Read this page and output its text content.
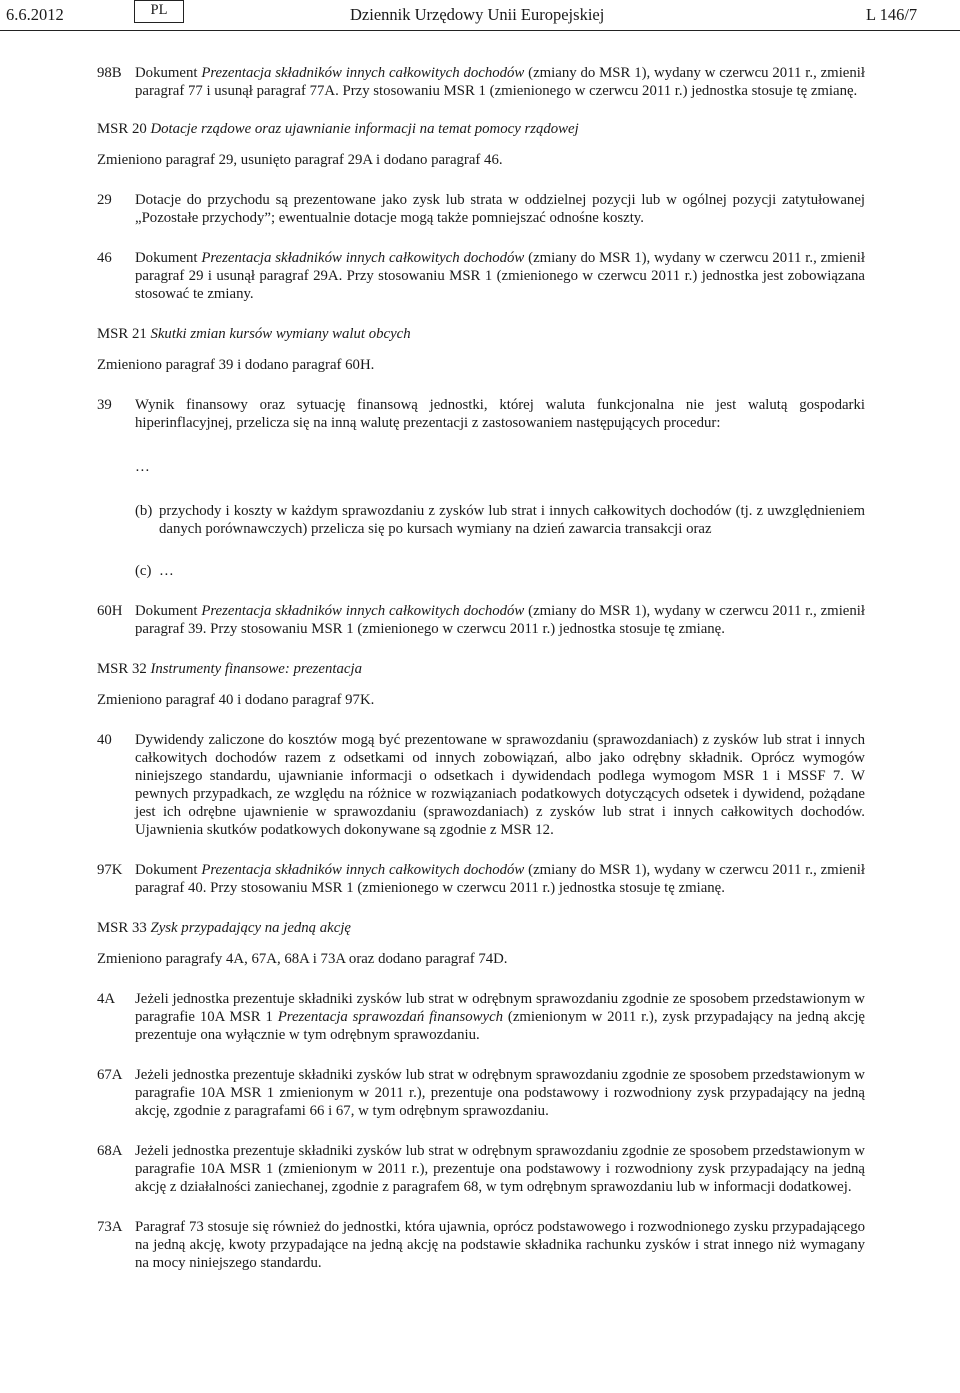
6.6.2012	PL	Dziennik Urzędowy Unii Europejskiej	L 146/7
98B Dokument Prezentacja składników innych całkowitych dochodów (zmiany do MSR 1), wydany w czerwcu 2011 r., zmienił paragraf 77 i usunął paragraf 77A. Przy stosowaniu MSR 1 (zmienionego w czerwcu 2011 r.) jednostka stosuje tę zmianę.
MSR 20 Dotacje rządowe oraz ujawnianie informacji na temat pomocy rządowej
Zmieniono paragraf 29, usunięto paragraf 29A i dodano paragraf 46.
29	Dotacje do przychodu są prezentowane jako zysk lub strata w oddzielnej pozycji lub w ogólnej pozycji zatytułowanej „Pozostałe przychody”; ewentualnie dotacje mogą także pomniejszać odnośne koszty.
46	Dokument Prezentacja składników innych całkowitych dochodów (zmiany do MSR 1), wydany w czerwcu 2011 r., zmienił paragraf 29 i usunął paragraf 29A. Przy stosowaniu MSR 1 (zmienionego w czerwcu 2011 r.) jednostka jest zobowiązana stosować te zmiany.
MSR 21 Skutki zmian kursów wymiany walut obcych
Zmieniono paragraf 39 i dodano paragraf 60H.
39	Wynik finansowy oraz sytuację finansową jednostki, której waluta funkcjonalna nie jest walutą gospodarki hiperinflacyjnej, przelicza się na inną walutę prezentacji z zastosowaniem następujących procedur:
…
(b) przychody i koszty w każdym sprawozdaniu z zysków lub strat i innych całkowitych dochodów (tj. z uwzględnieniem danych porównawczych) przelicza się po kursach wymiany na dzień zawarcia transakcji oraz
(c) …
60H Dokument Prezentacja składników innych całkowitych dochodów (zmiany do MSR 1), wydany w czerwcu 2011 r., zmienił paragraf 39. Przy stosowaniu MSR 1 (zmienionego w czerwcu 2011 r.) jednostka stosuje tę zmianę.
MSR 32 Instrumenty finansowe: prezentacja
Zmieniono paragraf 40 i dodano paragraf 97K.
40	Dywidendy zaliczone do kosztów mogą być prezentowane w sprawozdaniu (sprawozdaniach) z zysków lub strat i innych całkowitych dochodów razem z odsetkami od innych zobowiązań, albo jako odrębny składnik. Oprócz wymogów niniejszego standardu, ujawnianie informacji o odsetkach i dywidendach podlega wymogom MSR 1 i MSSF 7. W pewnych przypadkach, ze względu na różnice w rozwiązaniach podatkowych dotyczących odsetek i dywidend, pożądane jest ich odrębne ujawnienie w sprawozdaniu (sprawozdaniach) z zysków lub strat i innych całkowitych dochodów. Ujawnienia skutków podatkowych dokonywane są zgodnie z MSR 12.
97K Dokument Prezentacja składników innych całkowitych dochodów (zmiany do MSR 1), wydany w czerwcu 2011 r., zmienił paragraf 40. Przy stosowaniu MSR 1 (zmienionego w czerwcu 2011 r.) jednostka stosuje tę zmianę.
MSR 33 Zysk przypadający na jedną akcję
Zmieniono paragrafy 4A, 67A, 68A i 73A oraz dodano paragraf 74D.
4A	Jeżeli jednostka prezentuje składniki zysków lub strat w odrębnym sprawozdaniu zgodnie ze sposobem przedstawionym w paragrafie 10A MSR 1 Prezentacja sprawozdań finansowych (zmienionym w 2011 r.), zysk przypadający na jedną akcję prezentuje ona wyłącznie w tym odrębnym sprawozdaniu.
67A Jeżeli jednostka prezentuje składniki zysków lub strat w odrębnym sprawozdaniu zgodnie ze sposobem przedstawionym w paragrafie 10A MSR 1 zmienionym w 2011 r.), prezentuje ona podstawowy i rozwodniony zysk przypadający na jedną akcję, zgodnie z paragrafami 66 i 67, w tym odrębnym sprawozdaniu.
68A Jeżeli jednostka prezentuje składniki zysków lub strat w odrębnym sprawozdaniu zgodnie ze sposobem przedstawionym w paragrafie 10A MSR 1 (zmienionym w 2011 r.), prezentuje ona podstawowy i rozwodniony zysk przypadający na jedną akcję z działalności zaniechanej, zgodnie z paragrafem 68, w tym odrębnym sprawozdaniu lub w informacji dodatkowej.
73A Paragraf 73 stosuje się również do jednostki, która ujawnia, oprócz podstawowego i rozwodnionego zysku przypadającego na jedną akcję, kwoty przypadające na jedną akcję na podstawie składnika rachunku zysków i strat innego niż wymagany na mocy niniejszego standardu.
